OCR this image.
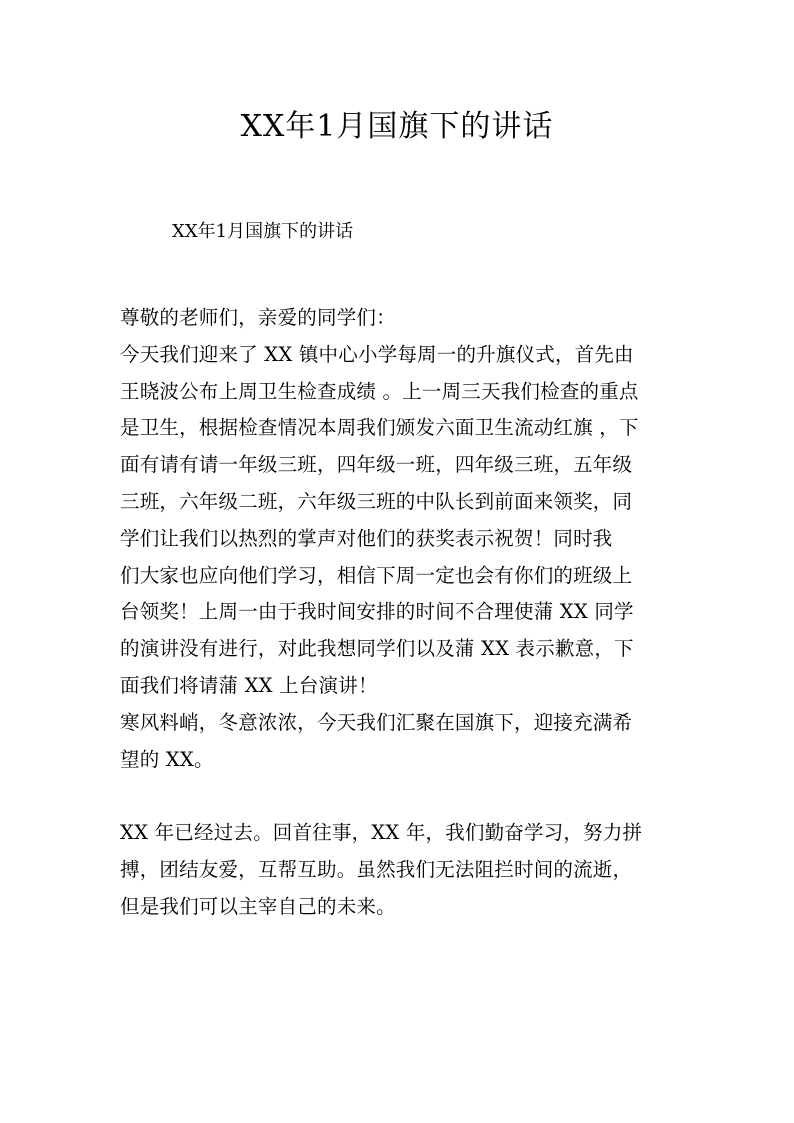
XX年1月国旗下的讲话
XX年1月国旗下的讲话

尊敬的老师们，亲爱的同学们：

今天我们迎来了 XX 镇中心小学每周一的升旗仪式，首先由
王晓波公布上周卫生检查成绩 。上一周三天我们检查的重点
是卫生，根据检查情况本周我们颁发六面卫生流动红旗 ，下
面有请有请一年级三班，四年级一班，四年级三班，五年级
三班，六年级二班，六年级三班的中队长到前面来领奖，同
学们让我们以热烈的掌声对他们的获奖表示祝贺！同时我
们大家也应向他们学习，相信下周一定也会有你们的班级上
台领奖！上周一由于我时间安排的时间不合理使蒲 XX 同学
的演讲没有进行，对此我想同学们以及蒲 XX 表示歉意，下
面我们将请蒲 XX 上台演讲！

寒风料峭，冬意浓浓，今天我们汇聚在国旗下，迎接充满希
望的 XX。

XX 年已经过去。回首往事，XX 年，我们勤奋学习，努力拼
搏，团结友爱，互帮互助。虽然我们无法阻拦时间的流逝，
但是我们可以主宰自己的未来。
